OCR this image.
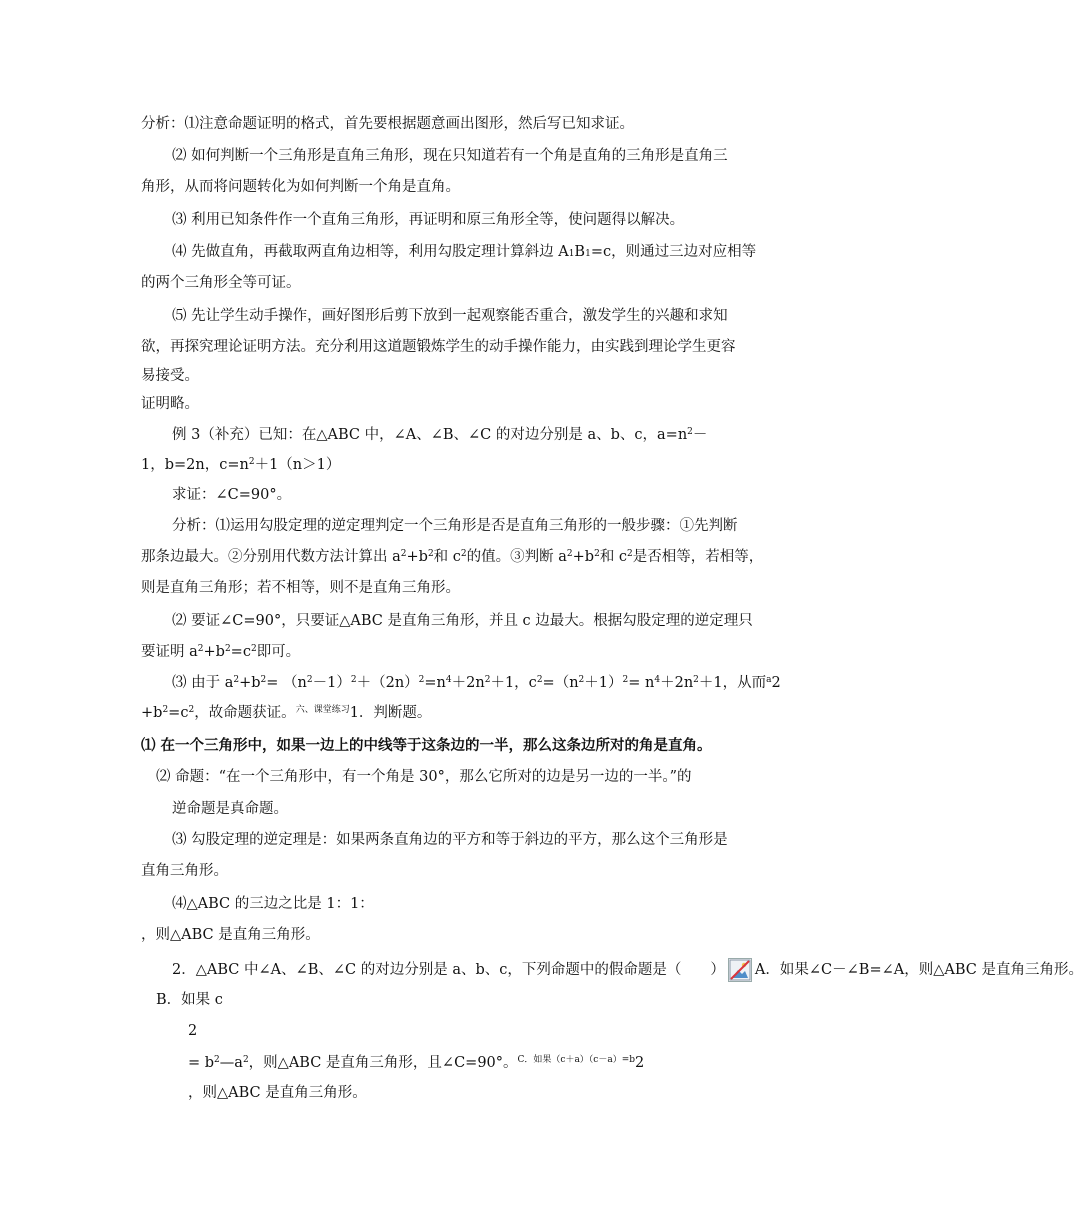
分析：⑴注意命题证明的格式，首先要根据题意画出图形，然后写已知求证。
⑵ 如何判断一个三角形是直角三角形，现在只知道若有一个角是直角的三角形是直角三
角形，从而将问题转化为如何判断一个角是直角。
⑶ 利用已知条件作一个直角三角形，再证明和原三角形全等，使问题得以解决。
⑷ 先做直角，再截取两直角边相等，利用勾股定理计算斜边 $A_1B_1=c$，则通过三边对应相等
的两个三角形全等可证。
⑸ 先让学生动手操作，画好图形后剪下放到一起观察能否重合，激发学生的兴趣和求知
欲，再探究理论证明方法。充分利用这道题锻炼学生的动手操作能力，由实践到理论学生更容
易接受。
证明略。
例 3（补充）已知：在△ABC 中，∠A、∠B、∠C 的对边分别是 a、b、c，$a=n^2-$
1，b=2n，$c=n^2+1(n>1)$
求证：∠C=90°。
分析：⑴运用勾股定理的逆定理判定一个三角形是否是直角三角形的一般步骤：①先判断
那条边最大。②分别用代数方法计算出 $a^2+b^2$和 $c^2$的值。③判断 $a^2+b^2$和 $c^2$是否相等，若相等，
则是直角三角形；若不相等，则不是直角三角形。
⑵ 要证∠C=90°，只要证△ABC 是直角三角形，并且 c 边最大。根据勾股定理的逆定理只
要证明 $a^2+b^2=c^2$即可。
⑶ 由于 $a^2+b^2= (n^2-1)^2+(2n)^2=n^4+2n^2+1$，$c^2=(n^2+1)^2= n^4+2n^2+1$，从而$^a$2
$+b^2=c^2$，故命题获证。$^{六、课堂练习}$1．判断题。
⑴ 在一个三角形中，如果一边上的中线等于这条边的一半，那么这条边所对的角是直角。
⑵ 命题：“在一个三角形中，有一个角是 30°，那么它所对的边是另一边的一半。”的
逆命题是真命题。
⑶ 勾股定理的逆定理是：如果两条直角边的平方和等于斜边的平方，那么这个三角形是
直角三角形。
⑷△ABC 的三边之比是 1：1：
，则△ABC 是直角三角形。
2．△ABC 中∠A、∠B、∠C 的对边分别是 a、b、c，下列命题中的假命题是（　　） A．如果∠C－∠B=∠A，则△ABC 是直角三角形。
B．如果 c
2
= $b^2—a^2$，则△ABC 是直角三角形，且∠C=90°。$^{C.如果(c+a)(c-a)=b}$2
，则△ABC 是直角三角形。
